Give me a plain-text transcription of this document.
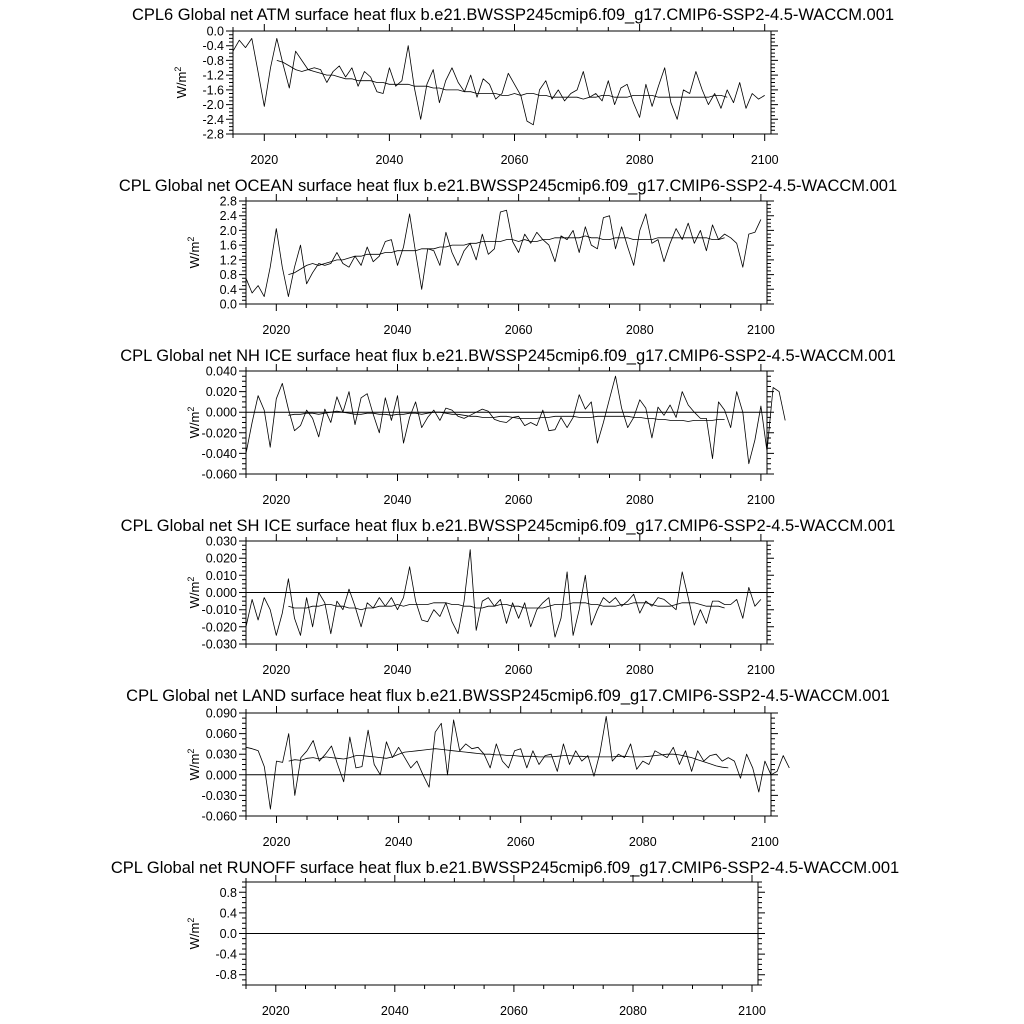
CPL6 Global net ATM surface heat flux b.e21.BWSSP245cmip6.f09_g17.CMIP6-SSP2-4.5-WACCM.001
$W/m^2$
2020	2040	2060	2080	2100
0.0
-0.4
-0.8
-1.2
-1.6
-2.0
-2.4
-2.8
CPL Global net OCEAN surface heat flux b.e21.BWSSP245cmip6.f09_g17.CMIP6-SSP2-4.5-WACCM.001
$W/m^2$
2020	2040	2060	2080	2100
2.8
2.4
2.0
1.6
1.2
0.8
0.4
0.0
CPL Global net NH ICE surface heat flux b.e21.BWSSP245cmip6.f09_g17.CMIP6-SSP2-4.5-WACCM.001
$W/m^2$
2020	2040	2060	2080	2100
0.040
0.020
0.000
-0.020
-0.040
-0.060
CPL Global net SH ICE surface heat flux b.e21.BWSSP245cmip6.f09_g17.CMIP6-SSP2-4.5-WACCM.001
$W/m^2$
2020	2040	2060	2080	2100
0.030
0.020
0.010
0.000
-0.010
-0.020
-0.030
CPL Global net LAND surface heat flux b.e21.BWSSP245cmip6.f09_g17.CMIP6-SSP2-4.5-WACCM.001
$W/m^2$
2020	2040	2060	2080	2100
0.090
0.060
0.030
0.000
-0.030
-0.060
CPL Global net RUNOFF surface heat flux b.e21.BWSSP245cmip6.f09_g17.CMIP6-SSP2-4.5-WACCM.001
$W/m^2$
2020	2040	2060	2080	2100
0.8
0.4
0.0
-0.4
-0.8
